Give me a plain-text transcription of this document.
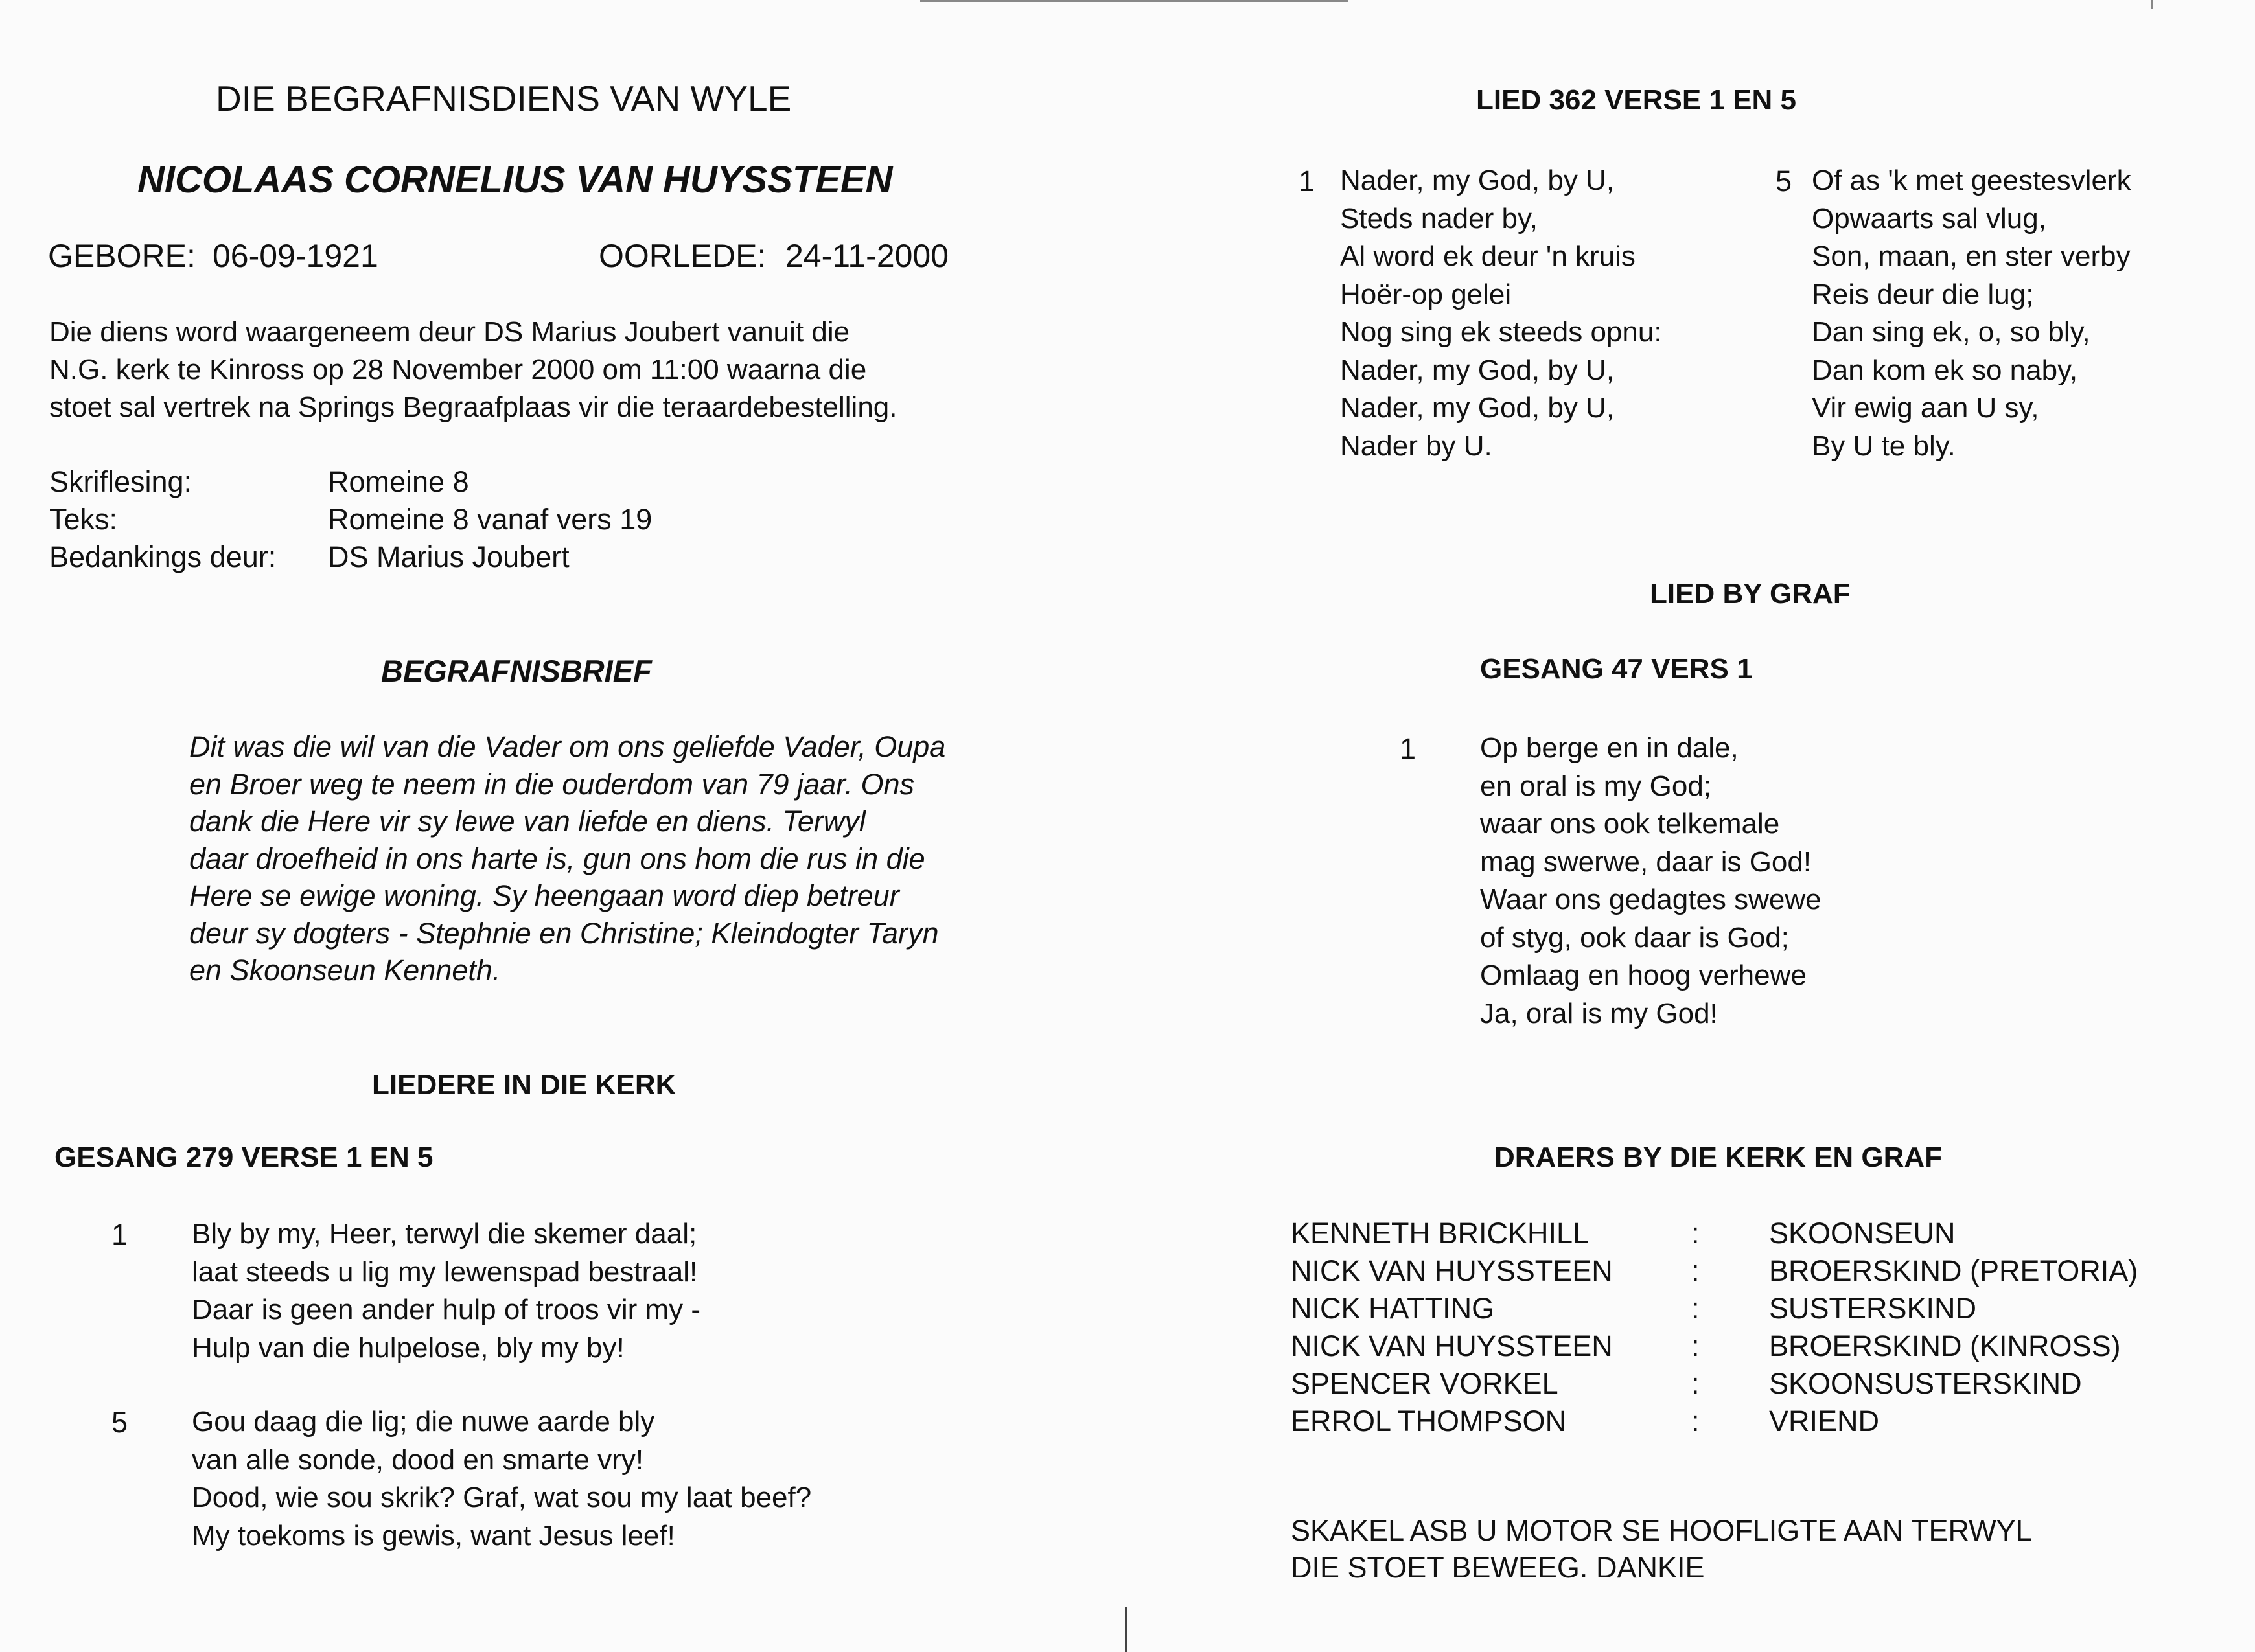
DIE BEGRAFNISDIENS VAN WYLE
NICOLAAS CORNELIUS VAN HUYSSTEEN
GEBORE: 06-09-1921	OORLEDE: 24-11-2000
Die diens word waargeneem deur DS Marius Joubert vanuit die
N.G. kerk te Kinross op 28 November 2000 om 11:00 waarna die
stoet sal vertrek na Springs Begraafplaas vir die teraardebestelling.
Skriflesing:	Romeine 8
Teks:	Romeine 8 vanaf vers 19
Bedankings deur: DS Marius Joubert
BEGRAFNISBRIEF
Dit was die wil van die Vader om ons geliefde Vader, Oupa
en Broer weg te neem in die ouderdom van 79 jaar. Ons
dank die Here vir sy lewe van liefde en diens. Terwyl
daar droefheid in ons harte is, gun ons hom die rus in die
Here se ewige woning. Sy heengaan word diep betreur
deur sy dogters - Stephnie en Christine; Kleindogter Taryn
en Skoonseun Kenneth.
LIEDERE IN DIE KERK
GESANG 279 VERSE 1 EN 5
1 Bly by my, Heer, terwyl die skemer daal;
laat steeds u lig my lewenspad bestraal!
Daar is geen ander hulp of troos vir my -
Hulp van die hulpelose, bly my by!
5 Gou daag die lig; die nuwe aarde bly
van alle sonde, dood en smarte vry!
Dood, wie sou skrik? Graf, wat sou my laat beef?
My toekoms is gewis, want Jesus leef!
LIED 362 VERSE 1 EN 5
1 Nader, my God, by U,
Steds nader by,
Al word ek deur 'n kruis
Hoër-op gelei
Nog sing ek steeds opnu:
Nader, my God, by U,
Nader, my God, by U,
Nader by U.
5 Of as 'k met geestesvlerk
Opwaarts sal vlug,
Son, maan, en ster verby
Reis deur die lug;
Dan sing ek, o, so bly,
Dan kom ek so naby,
Vir ewig aan U sy,
By U te bly.
LIED BY GRAF
GESANG 47 VERS 1
1 Op berge en in dale,
en oral is my God;
waar ons ook telkemale
mag swerwe, daar is God!
Waar ons gedagtes swewe
of styg, ook daar is God;
Omlaag en hoog verhewe
Ja, oral is my God!
DRAERS BY DIE KERK EN GRAF
KENNETH BRICKHILL	: SKOONSEUN
NICK VAN HUYSSTEEN	: BROERSKIND (PRETORIA)
NICK HATTING	: SUSTERSKIND
NICK VAN HUYSSTEEN	: BROERSKIND (KINROSS)
SPENCER VORKEL	: SKOONSUSTERSKIND
ERROL THOMPSON	: VRIEND
SKAKEL ASB U MOTOR SE HOOFLIGTE AAN TERWYL
DIE STOET BEWEEG. DANKIE
